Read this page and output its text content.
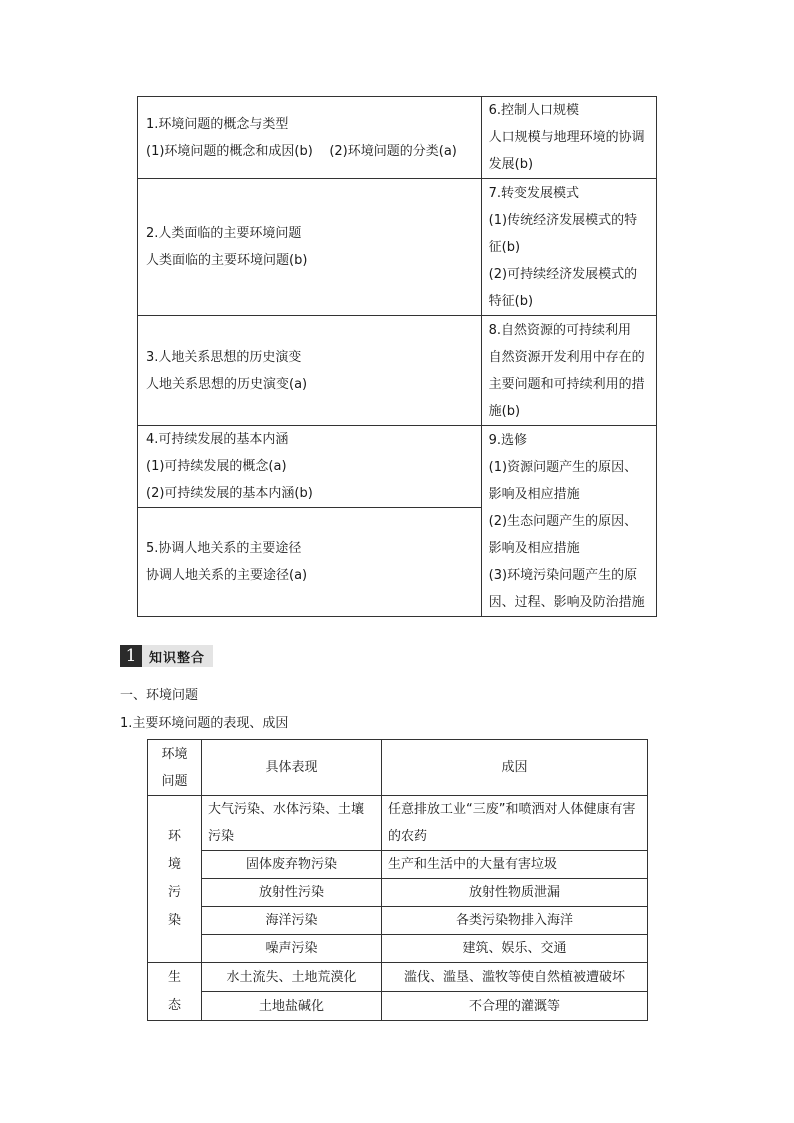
1.环境问题的概念与类型
(1)环境问题的概念和成因(b)    (2)环境问题的分类(a)	6.控制人口规模
人口规模与地理环境的协调发展(b)

2.人类面临的主要环境问题
人类面临的主要环境问题(b)	7.转变发展模式
(1)传统经济发展模式的特征(b)
(2)可持续经济发展模式的特征(b)

3.人地关系思想的历史演变
人地关系思想的历史演变(a)	8.自然资源的可持续利用
自然资源开发利用中存在的主要问题和可持续利用的措施(b)

4.可持续发展的基本内涵
(1)可持续发展的概念(a)
(2)可持续发展的基本内涵(b)	9.选修
(1)资源问题产生的原因、影响及相应措施
(2)生态问题产生的原因、影响及相应措施
(3)环境污染问题产生的原因、过程、影响及防治措施

5.协调人地关系的主要途径
协调人地关系的主要途径(a)	
1 知识整合
一、环境问题
1.主要环境问题的表现、成因
环境问题	具体表现	成因

环境污染	大气污染、水体污染、土壤污染	任意排放工业“三废”和喷洒对人体健康有害的农药
	固体废弃物污染	生产和生活中的大量有害垃圾
	放射性污染	放射性物质泄漏
	海洋污染	各类污染物排入海洋
	噪声污染	建筑、娱乐、交通

生态	水土流失、土地荒漠化	滥伐、滥垦、滥牧等使自然植被遭破坏
	土地盐碱化	不合理的灌溉等
